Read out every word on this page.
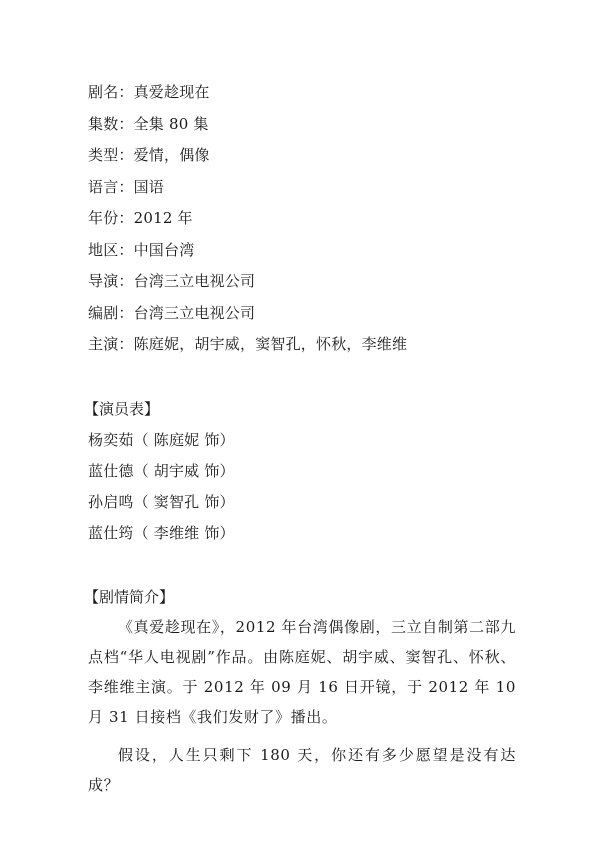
剧名：真爱趁现在
集数：全集 80 集
类型：爱情，偶像
语言：国语
年份：2012 年
地区：中国台湾
导演：台湾三立电视公司
编剧：台湾三立电视公司
主演：陈庭妮，胡宇威，窦智孔，怀秋，李维维
【演员表】
杨奕茹（ 陈庭妮 饰）
蓝仕德（ 胡宇威 饰）
孙启鸣（ 窦智孔 饰）
蓝仕筠（ 李维维 饰）
【剧情简介】
《真爱趁现在》，2012 年台湾偶像剧，三立自制第二部九点档“华人电视剧”作品。由陈庭妮、胡宇威、窦智孔、怀秋、李维维主演。于 2012 年 09 月 16 日开镜，于 2012 年 10 月 31 日接档《我们发财了》播出。
假设，人生只剩下 180 天，你还有多少愿望是没有达成？
